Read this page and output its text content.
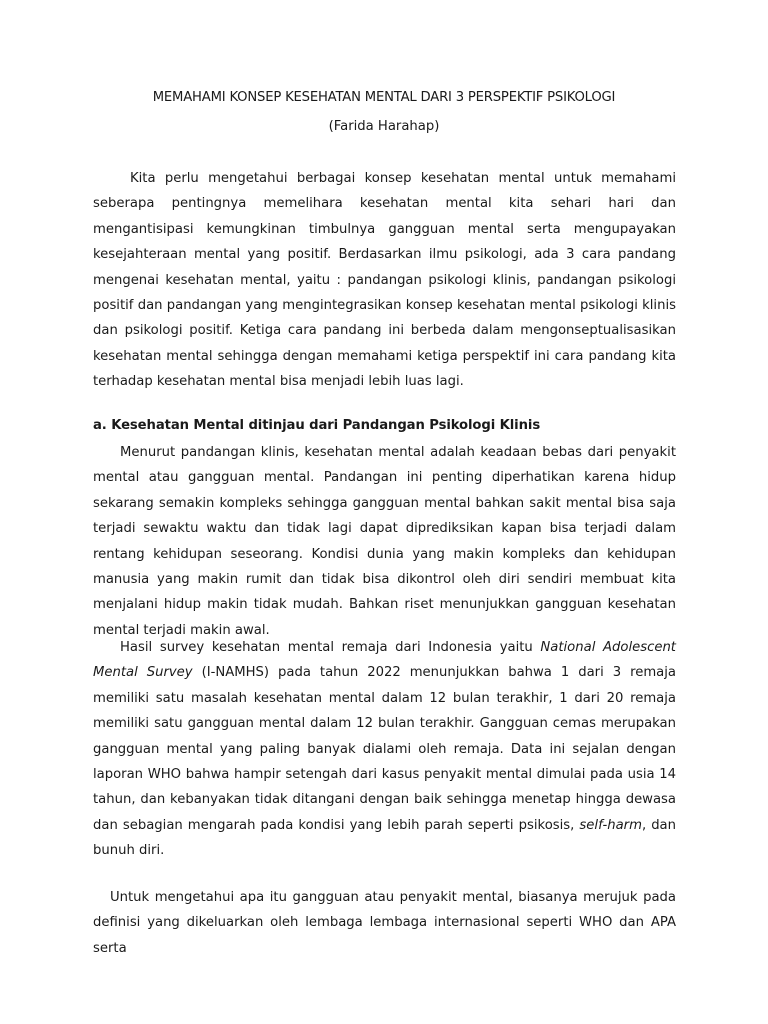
MEMAHAMI KONSEP KESEHATAN MENTAL DARI 3 PERSPEKTIF PSIKOLOGI

(Farida Harahap)

Kita perlu mengetahui berbagai konsep kesehatan mental untuk memahami seberapa pentingnya memelihara kesehatan mental kita sehari hari dan mengantisipasi kemungkinan timbulnya gangguan mental serta mengupayakan kesejahteraan mental yang positif. Berdasarkan ilmu psikologi, ada 3 cara pandang mengenai kesehatan mental, yaitu : pandangan psikologi klinis, pandangan psikologi positif dan pandangan yang mengintegrasikan konsep kesehatan mental psikologi klinis dan psikologi positif. Ketiga cara pandang ini berbeda dalam mengonseptualisasikan kesehatan mental sehingga dengan memahami ketiga perspektif ini cara pandang kita terhadap kesehatan mental bisa menjadi lebih luas lagi.

a. Kesehatan Mental ditinjau dari Pandangan Psikologi Klinis

Menurut pandangan klinis, kesehatan mental adalah keadaan bebas dari penyakit mental atau gangguan mental. Pandangan ini penting diperhatikan karena hidup sekarang semakin kompleks sehingga gangguan mental bahkan sakit mental bisa saja terjadi sewaktu waktu dan tidak lagi dapat diprediksikan kapan bisa terjadi dalam rentang kehidupan seseorang. Kondisi dunia yang makin kompleks dan kehidupan manusia yang makin rumit dan tidak bisa dikontrol oleh diri sendiri membuat kita menjalani hidup makin tidak mudah. Bahkan riset menunjukkan gangguan kesehatan mental terjadi makin awal.

Hasil survey kesehatan mental remaja dari Indonesia yaitu National Adolescent Mental Survey (I-NAMHS) pada tahun 2022 menunjukkan bahwa 1 dari 3 remaja memiliki satu masalah kesehatan mental dalam 12 bulan terakhir, 1 dari 20 remaja memiliki satu gangguan mental dalam 12 bulan terakhir. Gangguan cemas merupakan gangguan mental yang paling banyak dialami oleh remaja. Data ini sejalan dengan laporan WHO bahwa hampir setengah dari kasus penyakit mental dimulai pada usia 14 tahun, dan kebanyakan tidak ditangani dengan baik sehingga menetap hingga dewasa dan sebagian mengarah pada kondisi yang lebih parah seperti psikosis, self-harm, dan bunuh diri.

Untuk mengetahui apa itu gangguan atau penyakit mental, biasanya merujuk pada definisi yang dikeluarkan oleh lembaga lembaga internasional seperti WHO dan APA serta
